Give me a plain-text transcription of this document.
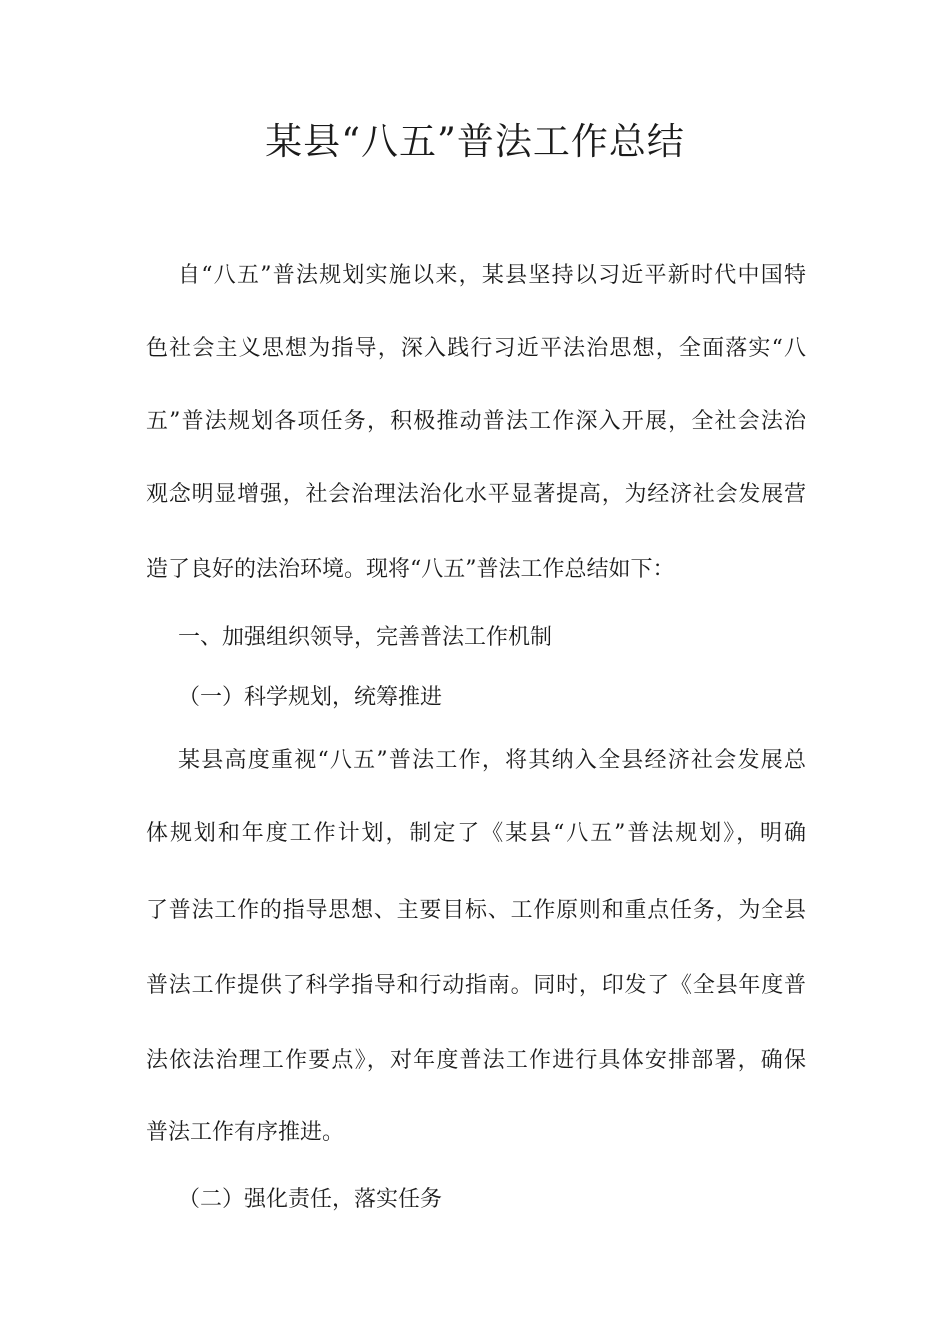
某县“八五”普法工作总结

自“八五”普法规划实施以来，某县坚持以习近平新时代中国特

色社会主义思想为指导，深入践行习近平法治思想，全面落实“八

五”普法规划各项任务，积极推动普法工作深入开展，全社会法治

观念明显增强，社会治理法治化水平显著提高，为经济社会发展营

造了良好的法治环境。现将“八五”普法工作总结如下：

一、加强组织领导，完善普法工作机制

（一）科学规划，统筹推进

某县高度重视“八五”普法工作，将其纳入全县经济社会发展总

体规划和年度工作计划，制定了《某县“八五”普法规划》，明确

了普法工作的指导思想、主要目标、工作原则和重点任务，为全县

普法工作提供了科学指导和行动指南。同时，印发了《全县年度普

法依法治理工作要点》，对年度普法工作进行具体安排部署，确保

普法工作有序推进。

（二）强化责任，落实任务
